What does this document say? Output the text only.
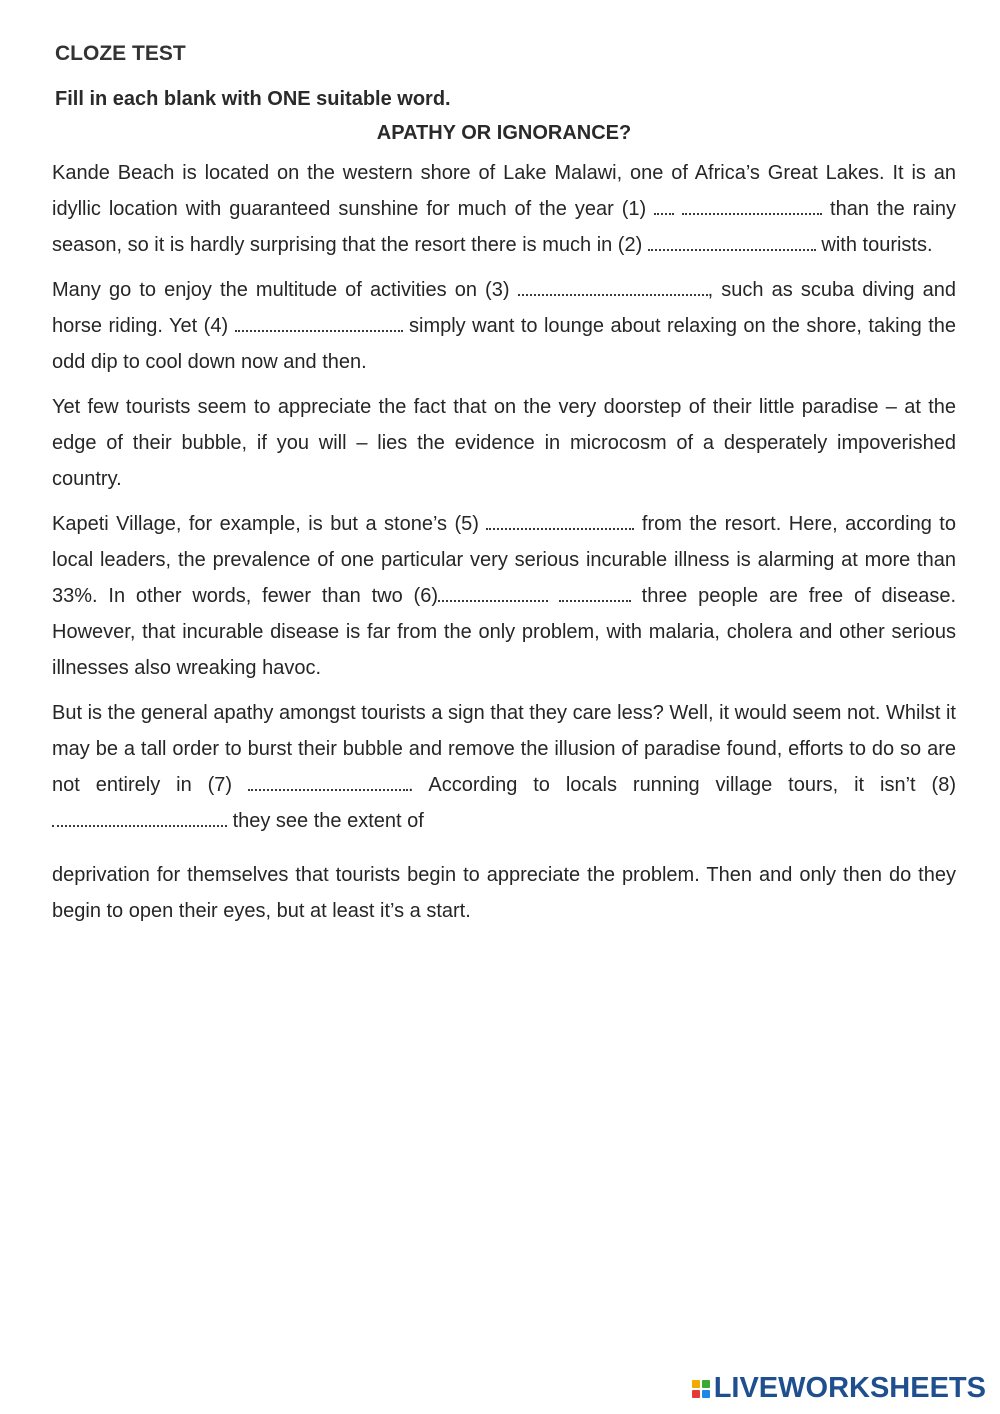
CLOZE TEST
Fill in each blank with ONE suitable word.
APATHY OR IGNORANCE?

Kande Beach is located on the western shore of Lake Malawi, one of Africa’s Great Lakes. It is an idyllic location with guaranteed sunshine for much of the year (1)	than the rainy season, so it is hardly surprising that the resort there is much in (2)	with tourists.

Many go to enjoy the multitude of activities on (3)	, such as scuba diving and horse riding. Yet (4)	simply want to lounge about relaxing on the shore, taking the odd dip to cool down now and then.

Yet few tourists seem to appreciate the fact that on the very doorstep of their little paradise – at the edge of their bubble, if you will – lies the evidence in microcosm of a desperately impoverished country.

Kapeti Village, for example, is but a stone’s (5)	from the resort. Here, according to local leaders, the prevalence of one particular very serious incurable illness is alarming at more than 33%. In other words, fewer than two (6)	three people are free of disease. However, that incurable disease is far from the only problem, with malaria, cholera and other serious illnesses also wreaking havoc.

But is the general apathy amongst tourists a sign that they care less? Well, it would seem not. Whilst it may be a tall order to burst their bubble and remove the illusion of paradise found, efforts to do so are not entirely in (7)	. According to locals running village tours, it isn’t (8)  they see the extent of

deprivation for themselves that tourists begin to appreciate the problem. Then and only then do they begin to open their eyes, but at least it’s a start.

LIVEWORKSHEETS
